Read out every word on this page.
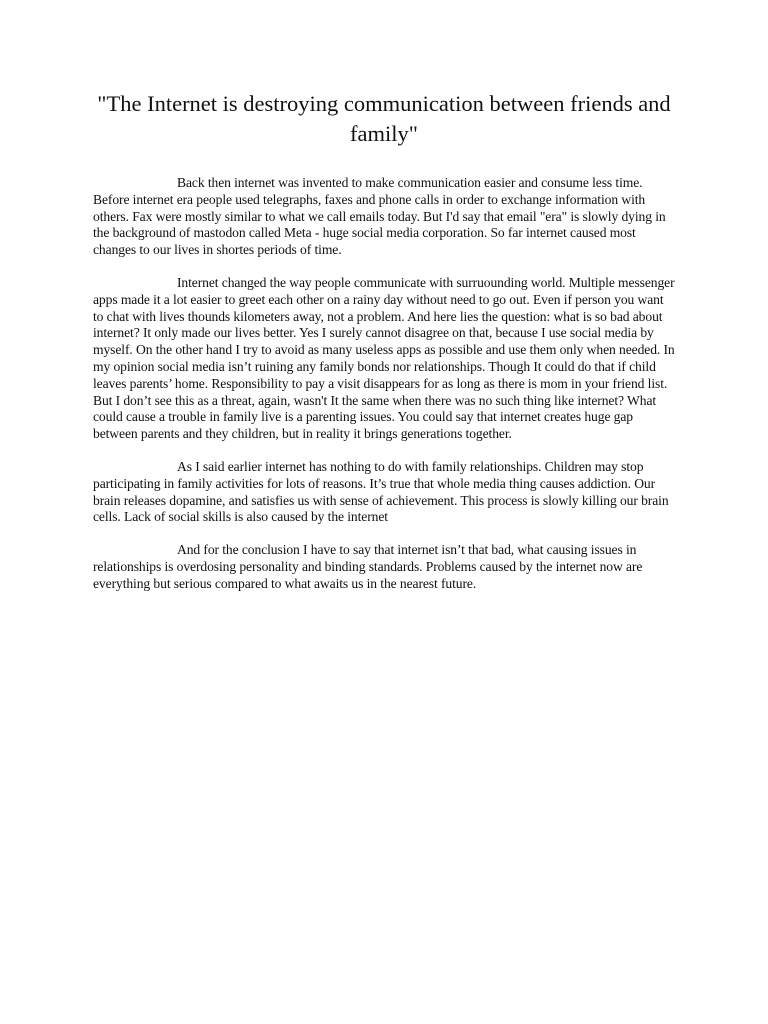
"The Internet is destroying communication between friends and family"

Back then internet was invented to make communication easier and consume less time. Before internet era people used telegraphs, faxes and phone calls in order to exchange information with others. Fax were mostly similar to what we call emails today. But I'd say that email "era" is slowly dying in the background of mastodon called Meta - huge social media corporation. So far internet caused most changes to our lives in shortes periods of time.

Internet changed the way people communicate with surruounding world. Multiple messenger apps made it a lot easier to greet each other on a rainy day without need to go out. Even if person you want to chat with lives thounds kilometers away, not a problem. And here lies the question: what is so bad about internet? It only made our lives better. Yes I surely cannot disagree on that, because I use social media by myself. On the other hand I try to avoid as many useless apps as possible and use them only when needed. In my opinion social media isn’t ruining any family bonds nor relationships. Though It could do that if child leaves parents’ home. Responsibility to pay a visit disappears for as long as there is mom in your friend list. But I don’t see this as a threat, again, wasn't It the same when there was no such thing like internet? What could cause a trouble in family live is a parenting issues. You could say that internet creates huge gap between parents and they children, but in reality it brings generations together.

As I said earlier internet has nothing to do with family relationships. Children may stop participating in family activities for lots of reasons. It’s true that whole media thing causes addiction. Our brain releases dopamine, and satisfies us with sense of achievement. This process is slowly killing our brain cells. Lack of social skills is also caused by the internet

And for the conclusion I have to say that internet isn’t that bad, what causing issues in relationships is overdosing personality and binding standards. Problems caused by the internet now are everything but serious compared to what awaits us in the nearest future.
